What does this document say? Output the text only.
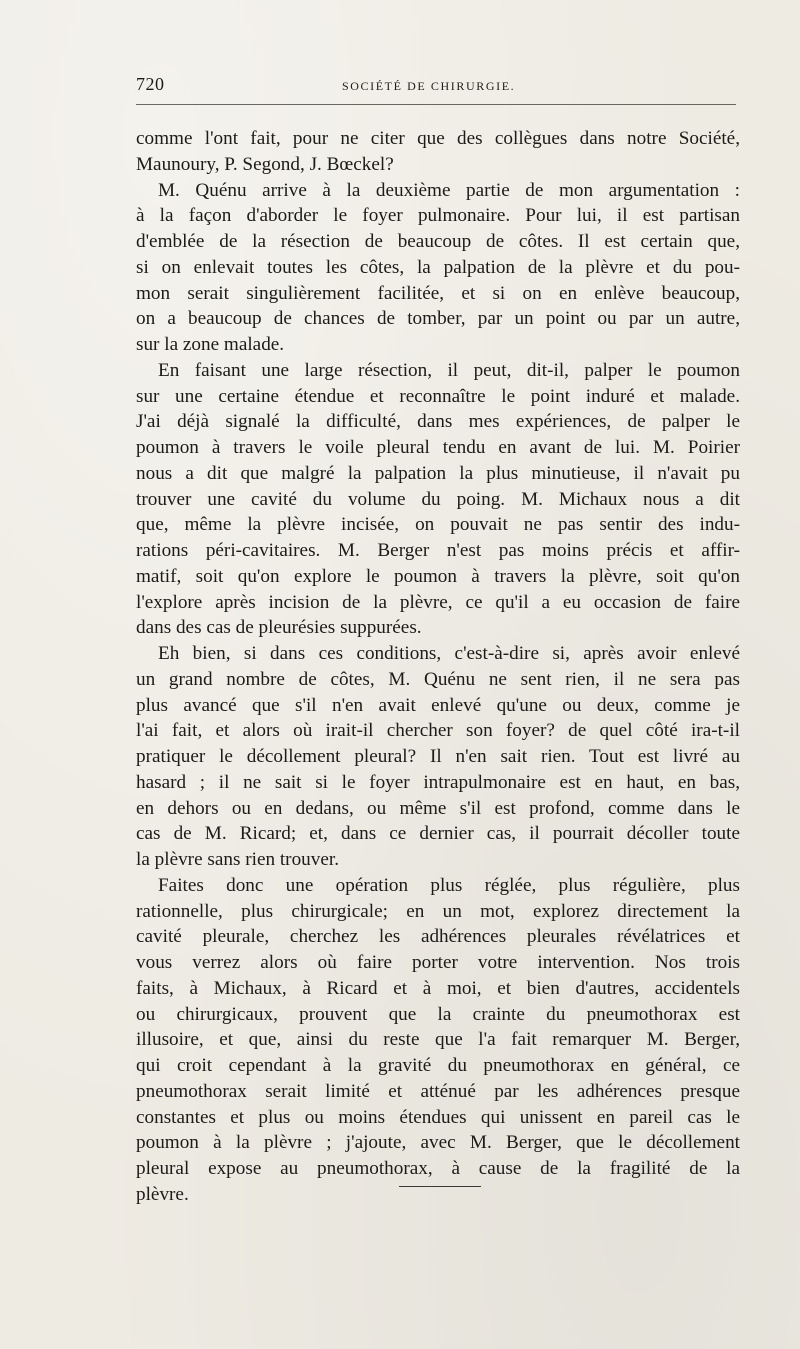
720	SOCIÉTÉ DE CHIRURGIE.

comme l'ont fait, pour ne citer que des collègues dans notre Société,
Maunoury, P. Segond, J. Bœckel?

M. Quénu arrive à la deuxième partie de mon argumentation :
à la façon d'aborder le foyer pulmonaire. Pour lui, il est partisan
d'emblée de la résection de beaucoup de côtes. Il est certain que,
si on enlevait toutes les côtes, la palpation de la plèvre et du pou-
mon serait singulièrement facilitée, et si on en enlève beaucoup,
on a beaucoup de chances de tomber, par un point ou par un autre,
sur la zone malade.

En faisant une large résection, il peut, dit-il, palper le poumon
sur une certaine étendue et reconnaître le point induré et malade.
J'ai déjà signalé la difficulté, dans mes expériences, de palper le
poumon à travers le voile pleural tendu en avant de lui. M. Poirier
nous a dit que malgré la palpation la plus minutieuse, il n'avait pu
trouver une cavité du volume du poing. M. Michaux nous a dit
que, même la plèvre incisée, on pouvait ne pas sentir des indu-
rations péri-cavitaires. M. Berger n'est pas moins précis et affir-
matif, soit qu'on explore le poumon à travers la plèvre, soit qu'on
l'explore après incision de la plèvre, ce qu'il a eu occasion de faire
dans des cas de pleurésies suppurées.

Eh bien, si dans ces conditions, c'est-à-dire si, après avoir enlevé
un grand nombre de côtes, M. Quénu ne sent rien, il ne sera pas
plus avancé que s'il n'en avait enlevé qu'une ou deux, comme je
l'ai fait, et alors où irait-il chercher son foyer? de quel côté ira-t-il
pratiquer le décollement pleural? Il n'en sait rien. Tout est livré au
hasard ; il ne sait si le foyer intrapulmonaire est en haut, en bas,
en dehors ou en dedans, ou même s'il est profond, comme dans le
cas de M. Ricard; et, dans ce dernier cas, il pourrait décoller toute
la plèvre sans rien trouver.

Faites donc une opération plus réglée, plus régulière, plus
rationnelle, plus chirurgicale; en un mot, explorez directement la
cavité pleurale, cherchez les adhérences pleurales révélatrices et
vous verrez alors où faire porter votre intervention. Nos trois
faits, à Michaux, à Ricard et à moi, et bien d'autres, accidentels
ou chirurgicaux, prouvent que la crainte du pneumothorax est
illusoire, et que, ainsi du reste que l'a fait remarquer M. Berger,
qui croit cependant à la gravité du pneumothorax en général, ce
pneumothorax serait limité et atténué par les adhérences presque
constantes et plus ou moins étendues qui unissent en pareil cas le
poumon à la plèvre ; j'ajoute, avec M. Berger, que le décollement
pleural expose au pneumothorax, à cause de la fragilité de la
plèvre.
